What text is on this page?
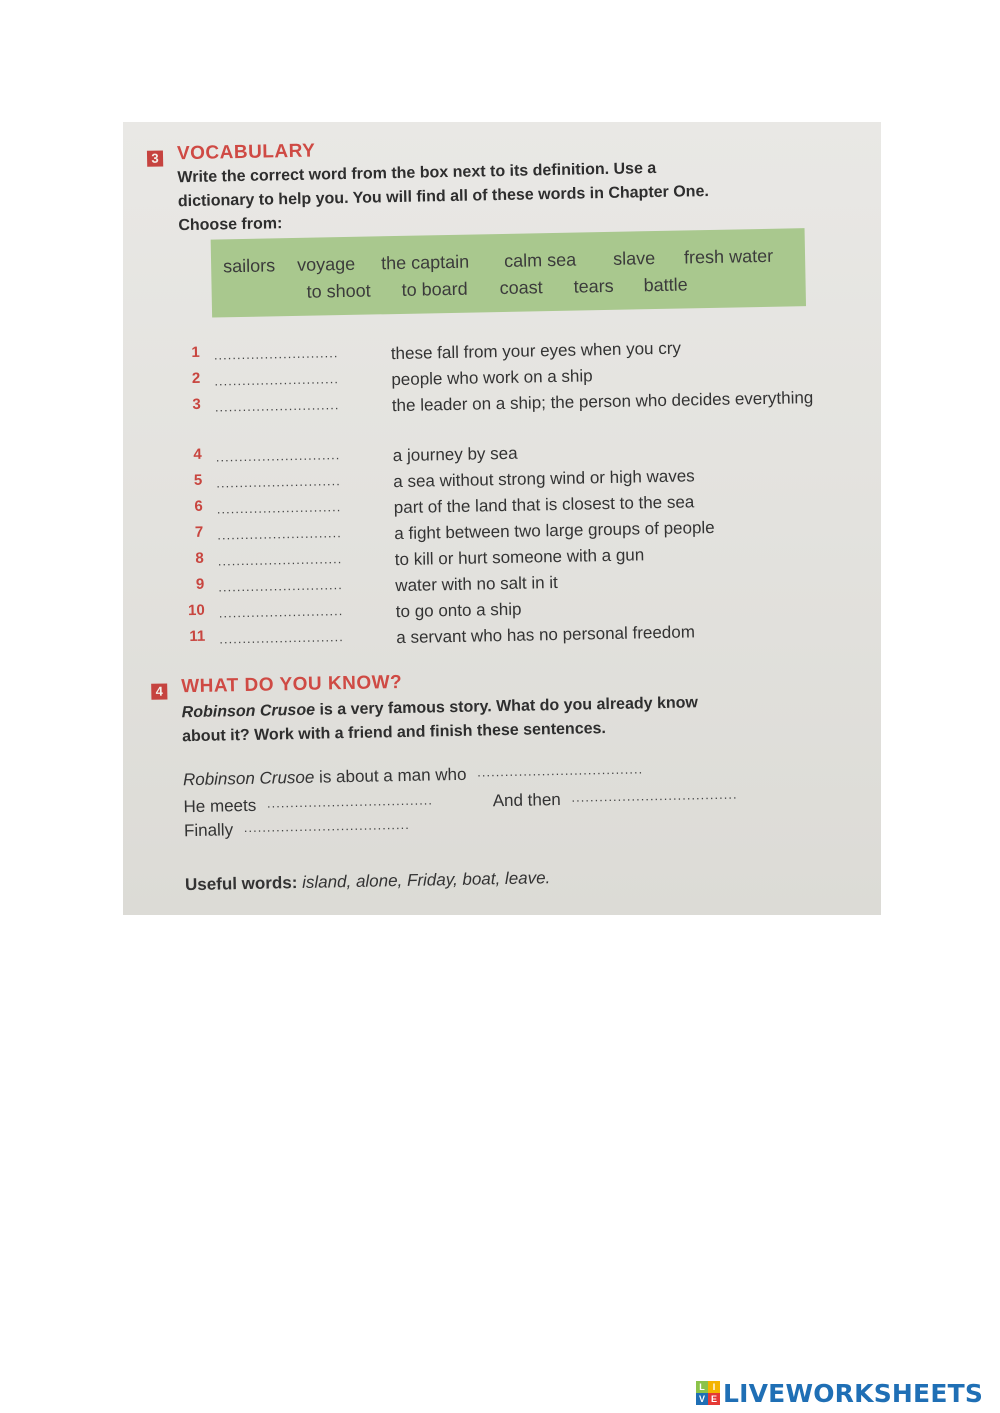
3 VOCABULARY
Write the correct word from the box next to its definition. Use a
dictionary to help you. You will find all of these words in Chapter One.
Choose from:
sailors voyage the captain calm sea slave fresh water
to shoot to board coast tears battle
1 ...........................	these fall from your eyes when you cry
2 ...........................	people who work on a ship
3 ...........................	the leader on a ship; the person who decides everything
4 ...........................	a journey by sea
5 ...........................	a sea without strong wind or high waves
6 ...........................	part of the land that is closest to the sea
7 ...........................	a fight between two large groups of people
8 ...........................	to kill or hurt someone with a gun
9 ...........................	water with no salt in it
10 ...........................	to go onto a ship
11 ...........................	a servant who has no personal freedom
4 WHAT DO YOU KNOW?
Robinson Crusoe is a very famous story. What do you already know
about it? Work with a friend and finish these sentences.
Robinson Crusoe is about a man who ....................................
He meets ....................................	And then ....................................
Finally ....................................
Useful words: island, alone, Friday, boat, leave.
L I
V E LIVEWORKSHEETS
